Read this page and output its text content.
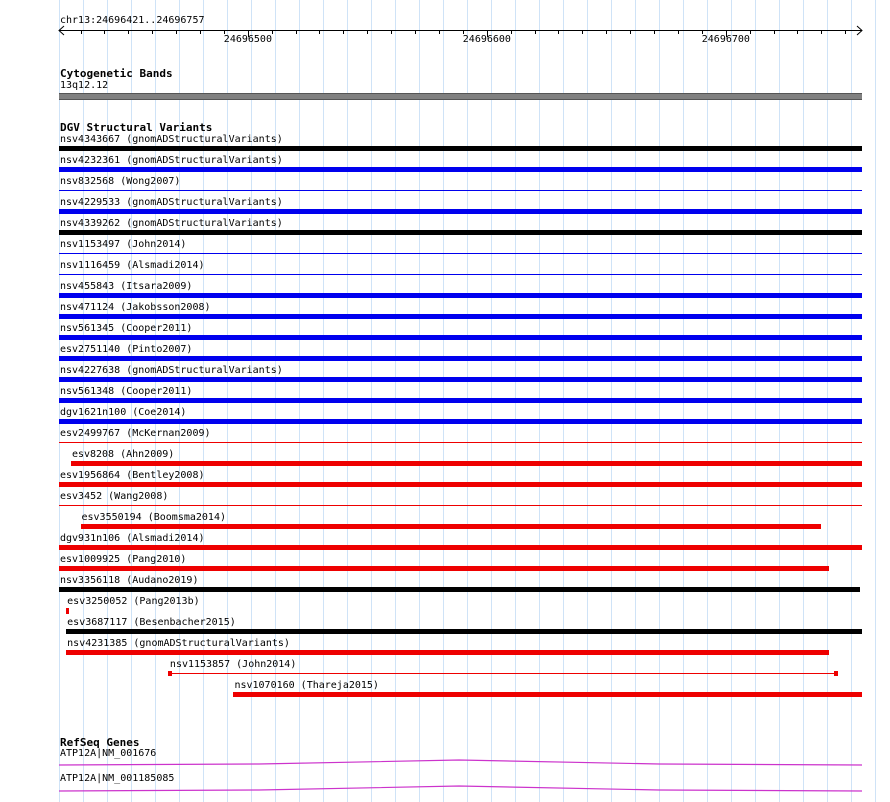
chr13:24696421..24696757
24696500	24696600	24696700
Cytogenetic Bands
13q12.12
DGV Structural Variants
nsv4343667 (gnomADStructuralVariants)
nsv4232361 (gnomADStructuralVariants)
nsv832568 (Wong2007)
nsv4229533 (gnomADStructuralVariants)
nsv4339262 (gnomADStructuralVariants)
nsv1153497 (John2014)
nsv1116459 (Alsmadi2014)
nsv455843 (Itsara2009)
nsv471124 (Jakobsson2008)
nsv561345 (Cooper2011)
esv2751140 (Pinto2007)
nsv4227638 (gnomADStructuralVariants)
nsv561348 (Cooper2011)
dgv1621n100 (Coe2014)
esv2499767 (McKernan2009)
esv8208 (Ahn2009)
esv1956864 (Bentley2008)
esv3452 (Wang2008)
esv3550194 (Boomsma2014)
dgv931n106 (Alsmadi2014)
esv1009925 (Pang2010)
nsv3356118 (Audano2019)
esv3250052 (Pang2013b)
esv3687117 (Besenbacher2015)
nsv4231385 (gnomADStructuralVariants)
nsv1153857 (John2014)
nsv1070160 (Thareja2015)
RefSeq Genes
ATP12A|NM_001676
ATP12A|NM_001185085
